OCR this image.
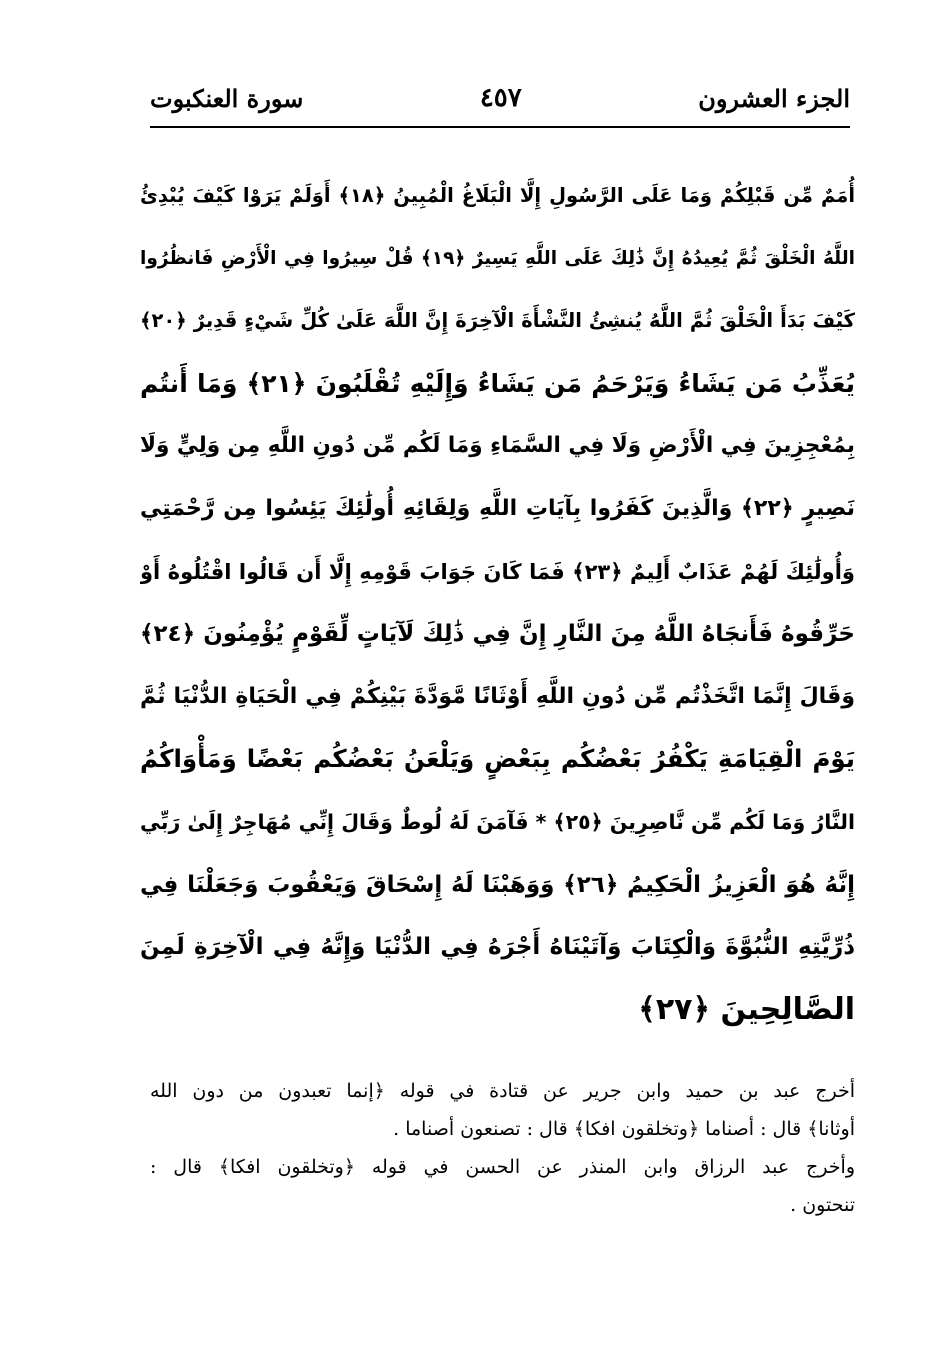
الجزء العشرون
٤٥٧
سورة العنكبوت
أُمَمٌ مِّن قَبْلِكُمْ وَمَا عَلَى الرَّسُولِ إِلَّا الْبَلَاغُ الْمُبِينُ ﴿١٨﴾ أَوَلَمْ يَرَوْا كَيْفَ يُبْدِئُ
اللَّهُ الْخَلْقَ ثُمَّ يُعِيدُهُ إِنَّ ذَٰلِكَ عَلَى اللَّهِ يَسِيرٌ ﴿١٩﴾ قُلْ سِيرُوا فِي الْأَرْضِ فَانظُرُوا
كَيْفَ بَدَأَ الْخَلْقَ ثُمَّ اللَّهُ يُنشِئُ النَّشْأَةَ الْآخِرَةَ إِنَّ اللَّهَ عَلَىٰ كُلِّ شَيْءٍ قَدِيرٌ ﴿٢٠﴾
يُعَذِّبُ مَن يَشَاءُ وَيَرْحَمُ مَن يَشَاءُ وَإِلَيْهِ تُقْلَبُونَ ﴿٢١﴾ وَمَا أَنتُم
بِمُعْجِزِينَ فِي الْأَرْضِ وَلَا فِي السَّمَاءِ وَمَا لَكُم مِّن دُونِ اللَّهِ مِن وَلِيٍّ وَلَا
نَصِيرٍ ﴿٢٢﴾ وَالَّذِينَ كَفَرُوا بِآيَاتِ اللَّهِ وَلِقَائِهِ أُولَٰئِكَ يَئِسُوا مِن رَّحْمَتِي
وَأُولَٰئِكَ لَهُمْ عَذَابٌ أَلِيمٌ ﴿٢٣﴾ فَمَا كَانَ جَوَابَ قَوْمِهِ إِلَّا أَن قَالُوا اقْتُلُوهُ أَوْ
حَرِّقُوهُ فَأَنجَاهُ اللَّهُ مِنَ النَّارِ إِنَّ فِي ذَٰلِكَ لَآيَاتٍ لِّقَوْمٍ يُؤْمِنُونَ ﴿٢٤﴾
وَقَالَ إِنَّمَا اتَّخَذْتُم مِّن دُونِ اللَّهِ أَوْثَانًا مَّوَدَّةَ بَيْنِكُمْ فِي الْحَيَاةِ الدُّنْيَا ثُمَّ
يَوْمَ الْقِيَامَةِ يَكْفُرُ بَعْضُكُم بِبَعْضٍ وَيَلْعَنُ بَعْضُكُم بَعْضًا وَمَأْوَاكُمُ
النَّارُ وَمَا لَكُم مِّن نَّاصِرِينَ ﴿٢٥﴾ * فَآمَنَ لَهُ لُوطٌ وَقَالَ إِنِّي مُهَاجِرٌ إِلَىٰ رَبِّي
إِنَّهُ هُوَ الْعَزِيزُ الْحَكِيمُ ﴿٢٦﴾ وَوَهَبْنَا لَهُ إِسْحَاقَ وَيَعْقُوبَ وَجَعَلْنَا فِي
ذُرِّيَّتِهِ النُّبُوَّةَ وَالْكِتَابَ وَآتَيْنَاهُ أَجْرَهُ فِي الدُّنْيَا وَإِنَّهُ فِي الْآخِرَةِ لَمِنَ
الصَّالِحِينَ ﴿٢٧﴾
أخرج عبد بن حميد وابن جرير عن قتادة في قوله ﴿إنما تعبدون من دون الله
أوثانا﴾ قال : أصناما ﴿وتخلقون افكا﴾ قال : تصنعون أصناما .
وأخرج عبد الرزاق وابن المنذر عن الحسن في قوله ﴿وتخلقون افكا﴾ قال :
تنحتون .
